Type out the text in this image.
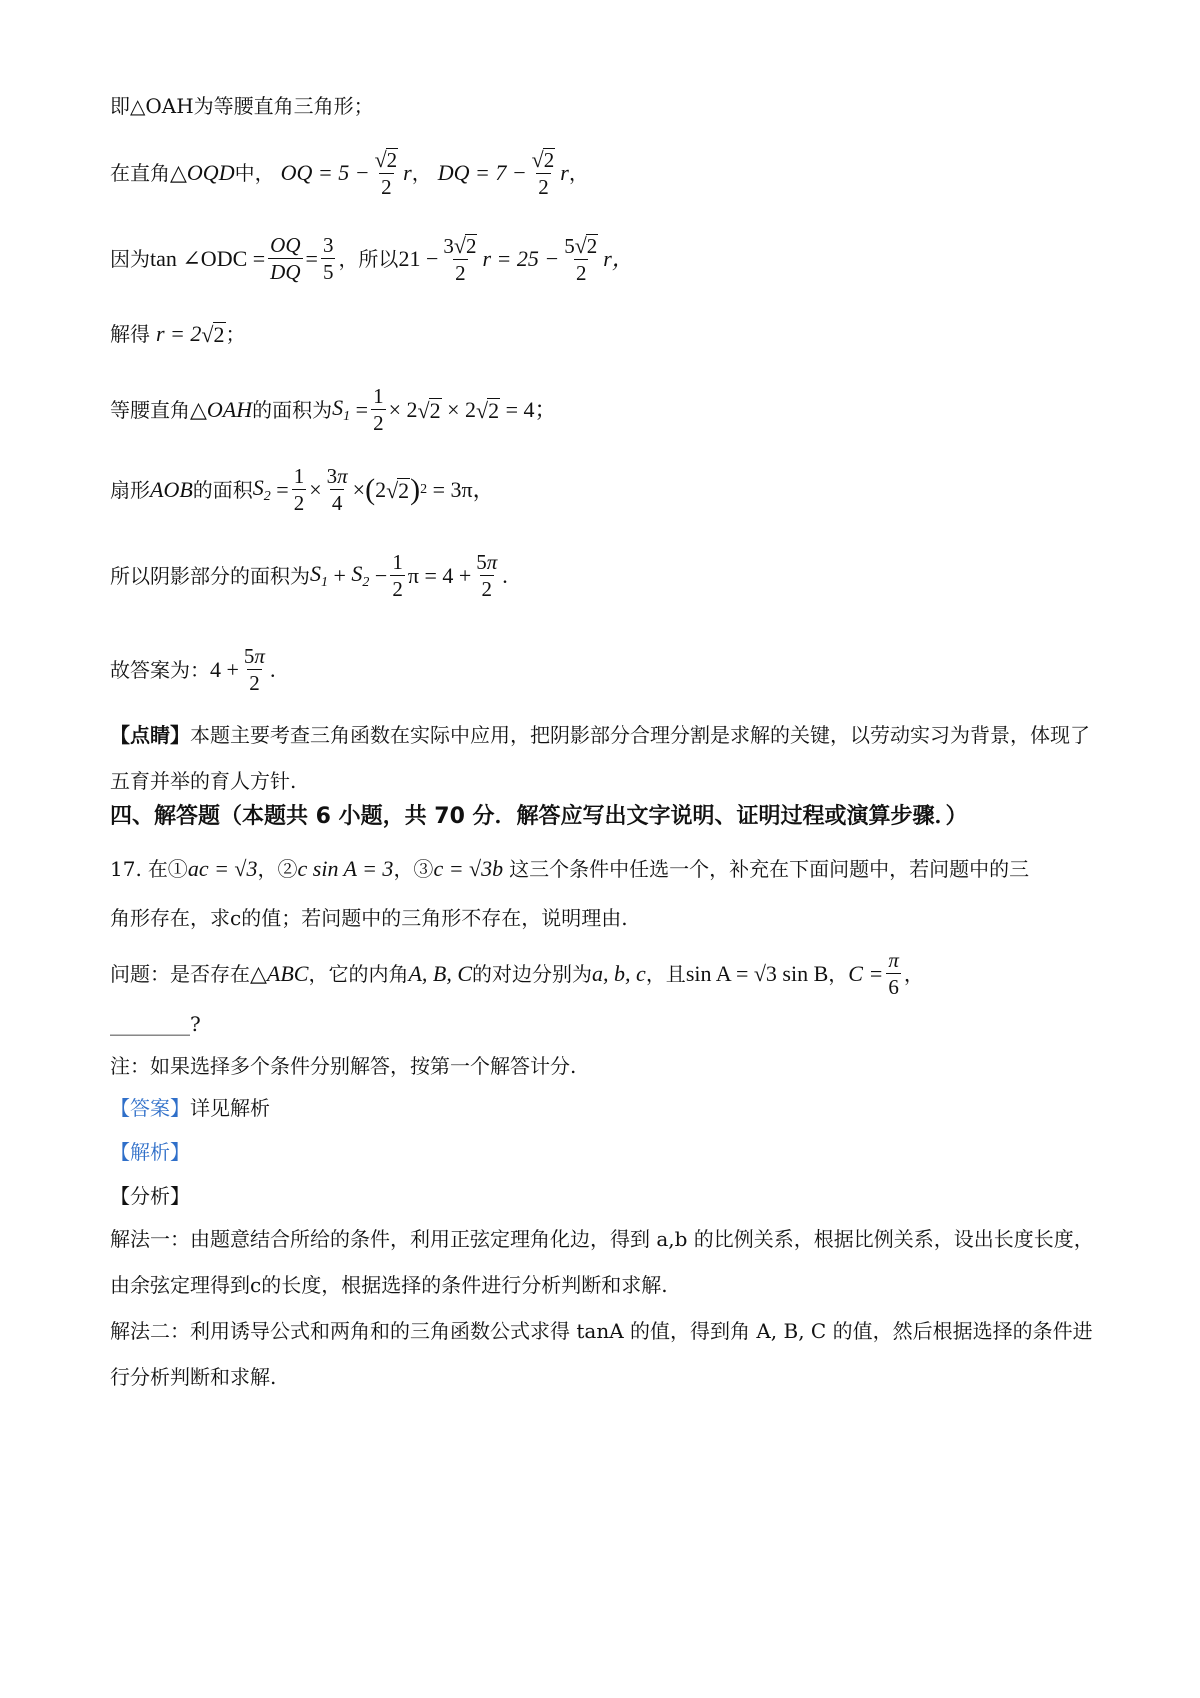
即△OAH为等腰直角三角形；
在直角 △OQD 中， OQ = $5 - \frac{√ 2}{2}$ r ， DQ = $7 - \frac{√ 2}{2}$ r ，
因为 tan ∠ODC = $\frac{OQ}{DQ} = \frac{3}{5}$ ，所以 $21 - \frac{3 √ 2}{2}$ $r = 25 - \frac{5 √ 2}{2}$ r，
解得 r = 2 √ 2 ；
等腰直角 △OAH 的面积为 $S_1 = \frac{1}{2} \times 2$ √ 2 × 2 √ 2
= 4；
扇形 AOB 的面积 $S_2 = \frac{1}{2} \times \frac{3\pi}{4}$ × ( 2 √ 2 ) 2
= 3π，
所以阴影部分的面积为 $S_1 + S_2 - \frac{1}{2}$ $\pi = 4 + \frac{5\pi}{2}$ .
故答案为： $4 + \frac{5\pi}{2}$ .
【点睛】本题主要考查三角函数在实际中应用，把阴影部分合理分割是求解的关键，以劳动实习为背景，体现了五育并举的育人方针.
四、解答题（本题共 6 小题，共 70 分．解答应写出文字说明、证明过程或演算步骤．）
17. 在① ac = √3 ，② c sin A = 3 ，③ c = √3b 这三个条件中任选一个，补充在下面问题中，若问题中的三
角形存在，求c的值；若问题中的三角形不存在，说明理由.
问题：是否存在 △ABC ，它的内角 A, B, C 的对边分别为 a, b, c ，且 sin A = √3 sin B ， $C = \frac{\pi}{6}$ ，
________?
注：如果选择多个条件分别解答，按第一个解答计分.
【答案】 详见解析
【解析】
【分析】
解法一：由题意结合所给的条件，利用正弦定理角化边，得到 a,b 的比例关系，根据比例关系，设出长度长度，由余弦定理得到c的长度，根据选择的条件进行分析判断和求解.
解法二：利用诱导公式和两角和的三角函数公式求得 tanA 的值，得到角 A, B, C 的值，然后根据选择的条件进行分析判断和求解.
